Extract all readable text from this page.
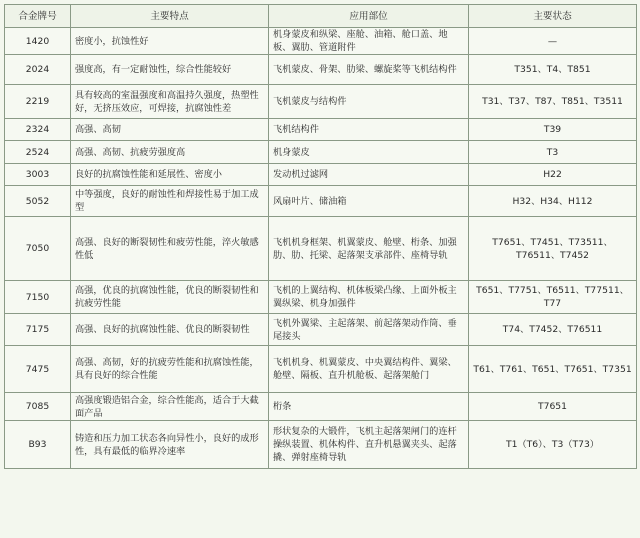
合金牌号	主要特点	应用部位	主要状态
1420	密度小，抗蚀性好	机身蒙皮和纵梁、座舱、油箱、舱口盖、地板、翼肋、管道附件	—
2024	强度高，有一定耐蚀性，综合性能较好	飞机蒙皮、骨架、肋梁、螺旋桨等飞机结构件	T351、T4、T851
2219	具有较高的室温强度和高温持久强度，热塑性好，无挤压效应，可焊接，抗腐蚀性差	飞机蒙皮与结构件	T31、T37、T87、T851、T3511
2324	高强、高韧	飞机结构件	T39
2524	高强、高韧、抗疲劳强度高	机身蒙皮	T3
3003	良好的抗腐蚀性能和延展性、密度小	发动机过滤网	H22
5052	中等强度，良好的耐蚀性和焊接性易于加工成型	风扇叶片、储油箱	H32、H34、H112
7050	高强、良好的断裂韧性和疲劳性能，淬火敏感性低	飞机机身框架、机翼蒙皮、舱壁、桁条、加强肋、肋、托梁、起落架支承部件、座椅导轨	T7651、T7451、T73511、T76511、T7452
7150	高强，优良的抗腐蚀性能，优良的断裂韧性和抗疲劳性能	飞机的上翼结构、机体板梁凸缘、上面外板主翼纵梁、机身加强件	T651、T7751、T6511、T77511、T77
7175	高强、良好的抗腐蚀性能、优良的断裂韧性	飞机外翼梁、主起落架、前起落架动作筒、垂尾接头	T74、T7452、T76511
7475	高强、高韧，好的抗疲劳性能和抗腐蚀性能，具有良好的综合性能	飞机机身、机翼蒙皮、中央翼结构件、翼梁、舱壁、隔板、直升机舱板、起落架舱门	T61、T761、T651、T7651、T7351
7085	高强度锻造铝合金，综合性能高，适合于大截面产品	桁条	T7651
B93	铸造和压力加工状态各向异性小，良好的成形性，具有最低的临界冷速率	形状复杂的大锻件，飞机主起落架闸门的连杆操纵装置、机体构件、直升机悬翼夹头、起落撬、弹射座椅导轨	T1（T6）、T3（T73）
